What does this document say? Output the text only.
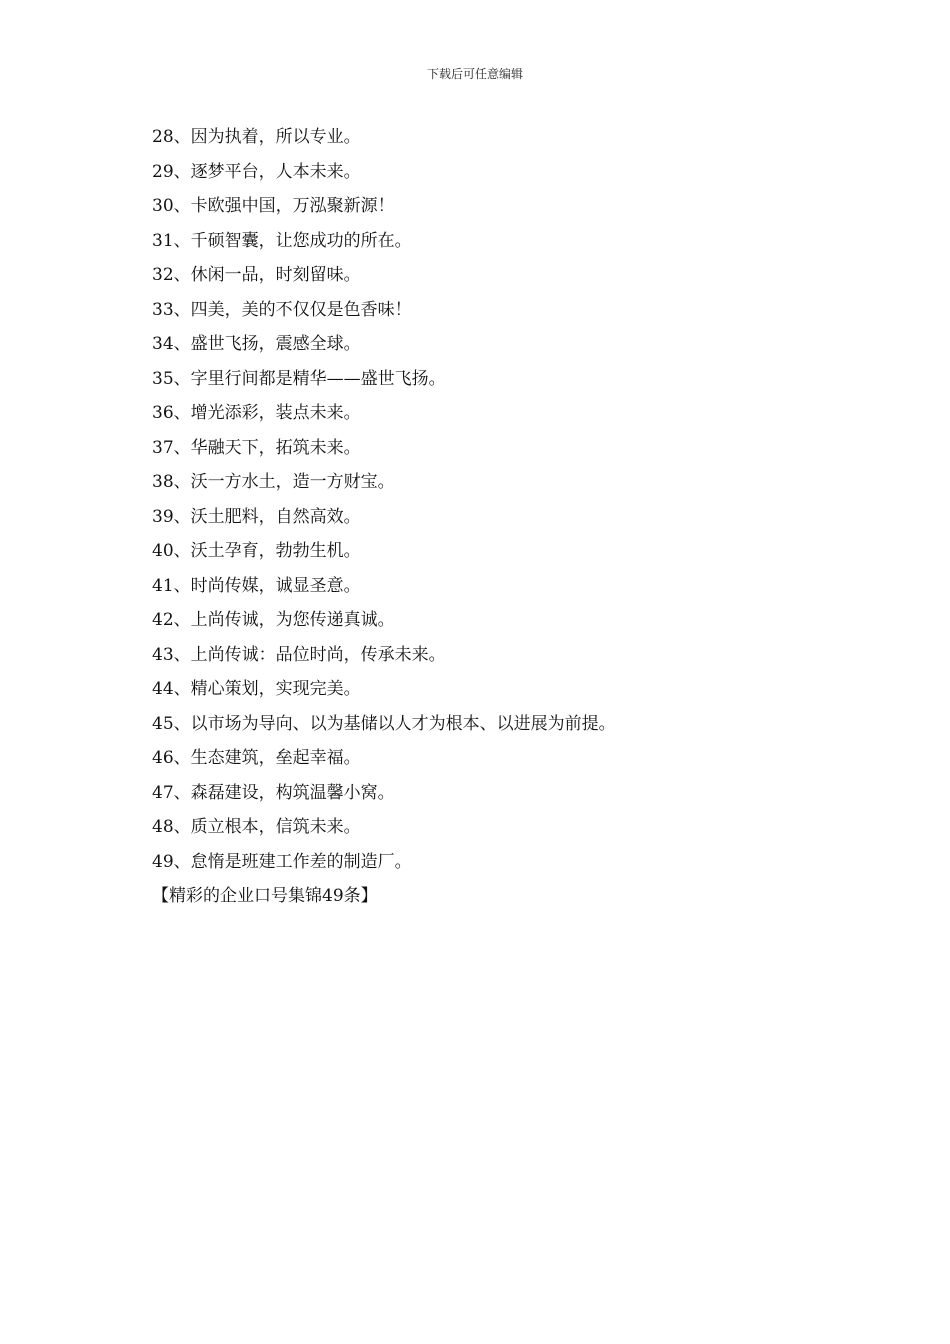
下载后可任意编辑
28、因为执着，所以专业。
29、逐梦平台，人本未来。
30、卡欧强中国，万泓聚新源！
31、千硕智囊，让您成功的所在。
32、休闲一品，时刻留味。
33、四美，美的不仅仅是色香味！
34、盛世飞扬，震感全球。
35、字里行间都是精华——盛世飞扬。
36、增光添彩，装点未来。
37、华融天下，拓筑未来。
38、沃一方水土，造一方财宝。
39、沃土肥料，自然高效。
40、沃土孕育，勃勃生机。
41、时尚传媒，诚显圣意。
42、上尚传诚，为您传递真诚。
43、上尚传诚：品位时尚，传承未来。
44、精心策划，实现完美。
45、以市场为导向、以为基储以人才为根本、以进展为前提。
46、生态建筑，垒起幸福。
47、森磊建设，构筑温馨小窝。
48、质立根本，信筑未来。
49、怠惰是班建工作差的制造厂。
【精彩的企业口号集锦49条】
